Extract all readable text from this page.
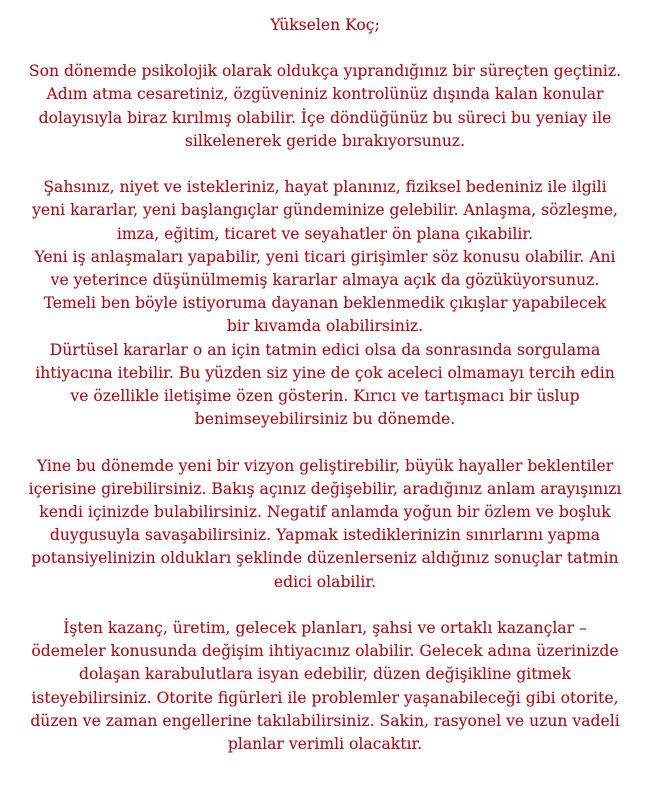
Yükselen Koç;
Son dönemde psikolojik olarak oldukça yıprandığınız bir süreçten geçtiniz.
Adım atma cesaretiniz, özgüveniniz kontrolünüz dışında kalan konular
dolayısıyla biraz kırılmış olabilir. İçe döndüğünüz bu süreci bu yeniay ile
silkelenerek geride bırakıyorsunuz.
Şahsınız, niyet ve istekleriniz, hayat planınız, fiziksel bedeniniz ile ilgili
yeni kararlar, yeni başlangıçlar gündeminize gelebilir. Anlaşma, sözleşme,
imza, eğitim, ticaret ve seyahatler ön plana çıkabilir.
Yeni iş anlaşmaları yapabilir, yeni ticari girişimler söz konusu olabilir. Ani
ve yeterince düşünülmemiş kararlar almaya açık da gözüküyorsunuz.
Temeli ben böyle istiyoruma dayanan beklenmedik çıkışlar yapabilecek
bir kıvamda olabilirsiniz.
Dürtüsel kararlar o an için tatmin edici olsa da sonrasında sorgulama
ihtiyacına itebilir. Bu yüzden siz yine de çok aceleci olmamayı tercih edin
ve özellikle iletişime özen gösterin. Kırıcı ve tartışmacı bir üslup
benimseyebilirsiniz bu dönemde.
Yine bu dönemde yeni bir vizyon geliştirebilir, büyük hayaller beklentiler
içerisine girebilirsiniz. Bakış açınız değişebilir, aradığınız anlam arayışınızı
kendi içinizde bulabilirsiniz. Negatif anlamda yoğun bir özlem ve boşluk
duygusuyla savaşabilirsiniz. Yapmak istediklerinizin sınırlarını yapma
potansiyelinizin oldukları şeklinde düzenlerseniz aldığınız sonuçlar tatmin
edici olabilir.
İşten kazanç, üretim, gelecek planları, şahsi ve ortaklı kazançlar –
ödemeler konusunda değişim ihtiyacınız olabilir. Gelecek adına üzerinizde
dolaşan karabulutlara isyan edebilir, düzen değişikline gitmek
isteyebilirsiniz. Otorite figürleri ile problemler yaşanabileceği gibi otorite,
düzen ve zaman engellerine takılabilirsiniz. Sakin, rasyonel ve uzun vadeli
planlar verimli olacaktır.
